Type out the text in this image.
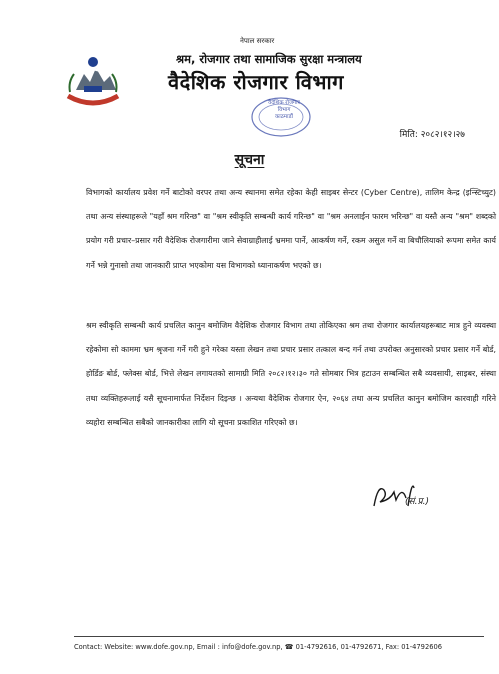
नेपाल सरकार
श्रम, रोजगार तथा सामाजिक सुरक्षा मन्त्रालय
वैदेशिक रोजगार विभाग
वैदेशिक रोजगार
विभाग
काठमाडौं
मिति: २०८२।१२।२७
सूचना

विभागको कार्यालय प्रवेश गर्ने बाटोको वरपर तथा अन्य स्थानमा समेत रहेका केही साइबर सेन्टर (Cyber Centre), तालिम केन्द्र (इन्स्टिच्युट) तथा अन्य संस्थाहरूले "यहाँ श्रम गरिन्छ" वा "श्रम स्वीकृति सम्बन्धी कार्य गरिन्छ" वा "श्रम अनलाईन फारम भरिन्छ" वा यस्तै अन्य "श्रम" शब्दको प्रयोग गरी प्रचार–प्रसार गरी वैदेशिक रोजगारीमा जाने सेवाग्राहीलाई भ्रममा पार्ने, आकर्षण गर्ने, रकम असुल गर्ने वा बिचौलियाको रूपमा समेत कार्य गर्ने भन्ने गुनासो तथा जानकारी प्राप्त भएकोमा यस विभागको ध्यानाकर्षण भएको छ।

श्रम स्वीकृति सम्बन्धी कार्य प्रचलित कानुन बमोजिम वैदेशिक रोजगार विभाग तथा तोकिएका श्रम तथा रोजगार कार्यालयहरूबाट मात्र हुने व्यवस्था रहेकोमा सो काममा भ्रम श्रृजना गर्ने गरी हुने गरेका यस्ता लेखन तथा प्रचार प्रसार तत्काल बन्द गर्न तथा उपरोक्त अनुसारको प्रचार प्रसार गर्ने बोर्ड, होर्डिङ बोर्ड, फ्लेक्स बोर्ड, भित्ते लेखन लगायतको सामाग्री मिति २०८२।१२।३० गते सोमबार भित्र हटाउन सम्बन्धित सबै व्यवसायी, साइबर, संस्था तथा व्यक्तिहरूलाई यसै सूचनामार्फत निर्देशन दिइन्छ । अन्यथा वैदेशिक रोजगार ऐन, २०६४ तथा अन्य प्रचलित कानुन बमोजिम कारवाही गरिने व्यहोरा सम्बन्धित सबैको जानकारीका लागि यो सूचना प्रकाशित गरिएको छ।

(सं.प्र.)
Contact: Website: www.dofe.gov.np, Email : info@dofe.gov.np, ☎ 01-4792616, 01-4792671, Fax: 01-4792606
